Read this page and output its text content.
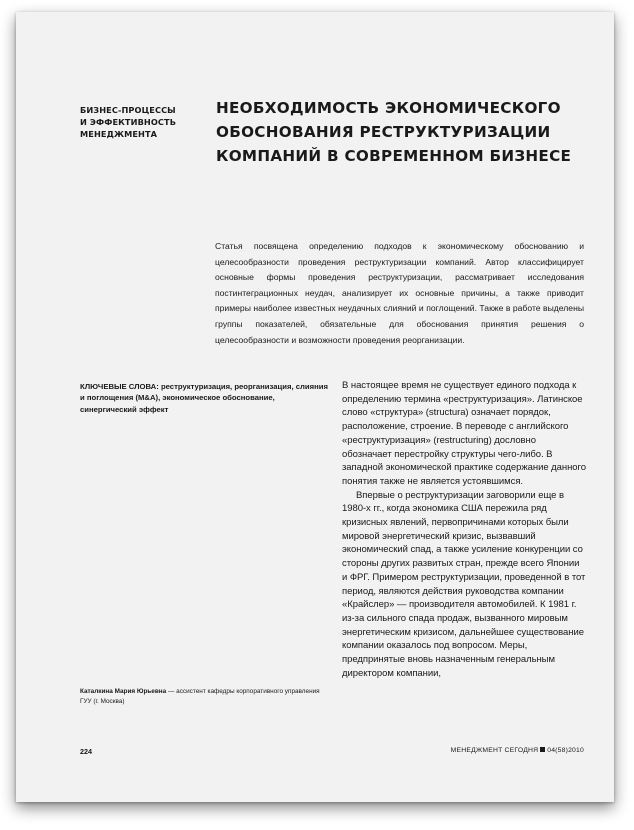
БИЗНЕС-ПРОЦЕССЫ
И ЭФФЕКТИВНОСТЬ
МЕНЕДЖМЕНТА
НЕОБХОДИМОСТЬ ЭКОНОМИЧЕСКОГО
ОБОСНОВАНИЯ РЕСТРУКТУРИЗАЦИИ
КОМПАНИЙ В СОВРЕМЕННОМ БИЗНЕСЕ
Статья посвящена определению подходов к экономическому обоснованию и целесообразности проведения реструктуризации компаний. Автор классифицирует основные формы проведения реструктуризации, рассматривает исследования постинтеграционных неудач, анализирует их основные причины, а также приводит примеры наиболее известных неудачных слияний и поглощений. Также в работе выделены группы показателей, обязательные для обоснования принятия решения о целесообразности и возможности проведения реорганизации.
КЛЮЧЕВЫЕ СЛОВА: реструктуризация, реорганизация, слияния и поглощения (M&A), экономическое обоснование, синергический эффект

В настоящее время не существует единого подхода к определению термина «реструктуризация». Латинское слово «структура» (structura) означает порядок, расположение, строение. В переводе с английского «реструктуризация» (restructuring) дословно обозначает перестройку структуры чего-либо. В западной экономической практике содержание данного понятия также не является устоявшимся.

Впервые о реструктуризации заговорили еще в 1980-х гг., когда экономика США пережила ряд кризисных явлений, первопричинами которых были мировой энергетический кризис, вызвавший экономический спад, а также усиление конкуренции со стороны других развитых стран, прежде всего Японии и ФРГ. Примером реструктуризации, проведенной в тот период, являются действия руководства компании «Крайслер» — производителя автомобилей. К 1981 г. из-за сильного спада продаж, вызванного мировым энергетическим кризисом, дальнейшее существование компании оказалось под вопросом. Меры, предпринятые вновь назначенным генеральным директором компании,

Каталкина Мария Юрьевна — ассистент кафедры корпоративного управления ГУУ (г. Москва)
224	МЕНЕДЖМЕНТ СЕГОДНЯ 04(58)2010
